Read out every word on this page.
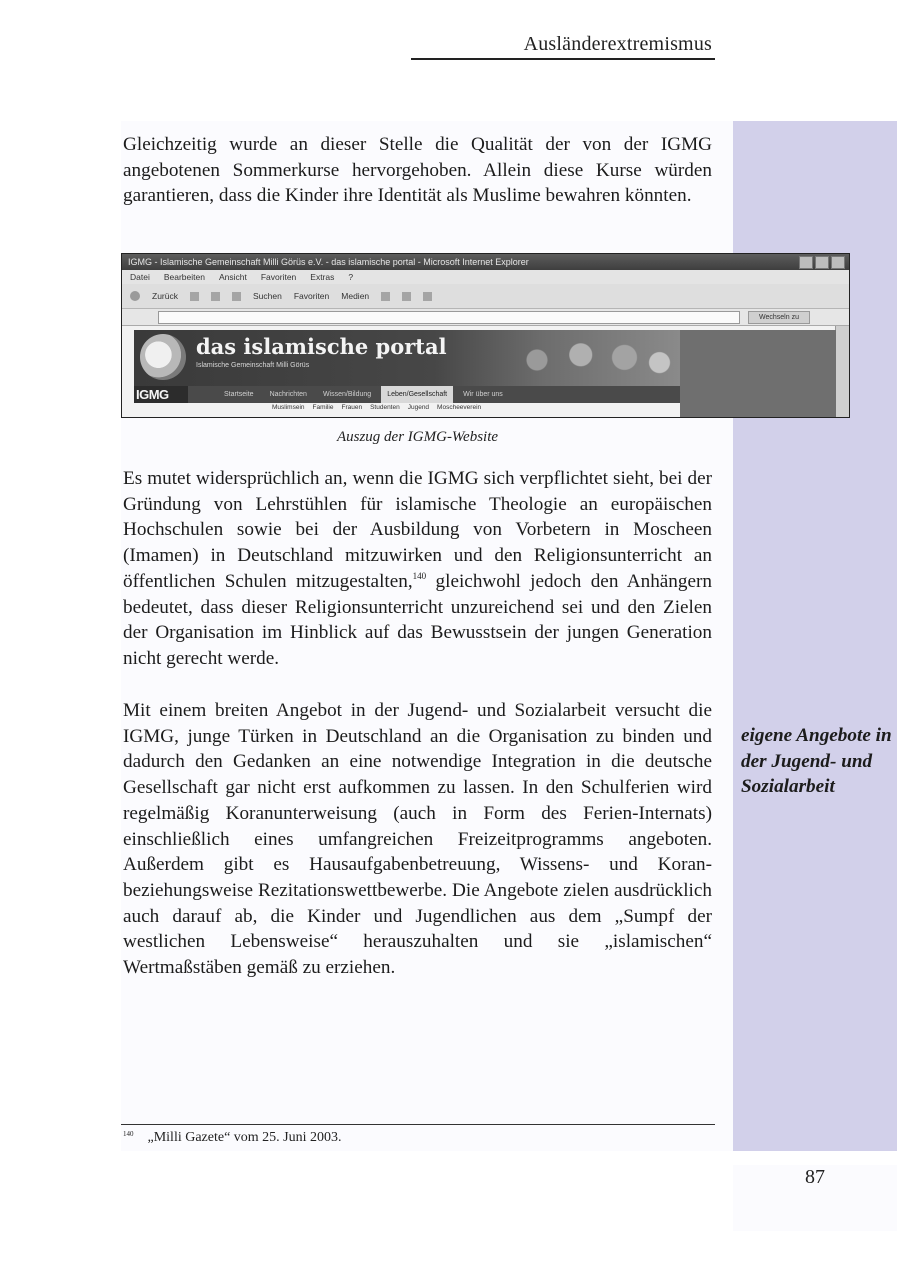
Ausländerextremismus

Gleichzeitig wurde an dieser Stelle die Qualität der von der IGMG angebotenen Sommerkurse hervorgehoben. Allein diese Kurse würden garantieren, dass die Kinder ihre Identität als Muslime bewahren könnten.

IGMG - Islamische Gemeinschaft Milli Görüs e.V. - das islamische portal - Microsoft Internet Explorer
Datei Bearbeiten Ansicht Favoriten Extras ?
Zurück	Suchen Favoriten Medien
Wechseln zu
das islamische portal
Islamische Gemeinschaft Milli Görüs
IGMG	Startseite	Nachrichten	Wissen/Bildung	Leben/Gesellschaft	Wir über uns
Muslimsein Familie Frauen Studenten Jugend Moscheeverein
Auszug der IGMG-Website

Es mutet widersprüchlich an, wenn die IGMG sich verpflichtet sieht, bei der Gründung von Lehrstühlen für islamische Theologie an europäischen Hochschulen sowie bei der Ausbildung von Vorbetern in Moscheen (Imamen) in Deutschland mitzuwirken und den Religionsunterricht an öffentlichen Schulen mitzugestalten,$^{140}$ gleichwohl jedoch den Anhängern bedeutet, dass dieser Religionsunterricht unzureichend sei und den Zielen der Organisation im Hinblick auf das Bewusstsein der jungen Generation nicht gerecht werde.

Mit einem breiten Angebot in der Jugend- und Sozialarbeit versucht die IGMG, junge Türken in Deutschland an die Organisation zu binden und dadurch den Gedanken an eine notwendige Integration in die deutsche Gesellschaft gar nicht erst aufkommen zu lassen. In den Schulferien wird regelmäßig Koranunterweisung (auch in Form des Ferien-Internats) einschließlich eines umfangreichen Freizeitprogramms angeboten. Außerdem gibt es Hausaufgabenbetreuung, Wissens- und Koran- beziehungsweise Rezitationswettbewerbe. Die Angebote zielen ausdrücklich auch darauf ab, die Kinder und Jugendlichen aus dem „Sumpf der westlichen Lebensweise“ herauszuhalten und sie „islamischen“ Wertmaßstäben gemäß zu erziehen.

eigene Angebote in der Jugend- und Sozialarbeit
$^{140}$ „Milli Gazete“ vom 25. Juni 2003.
87
